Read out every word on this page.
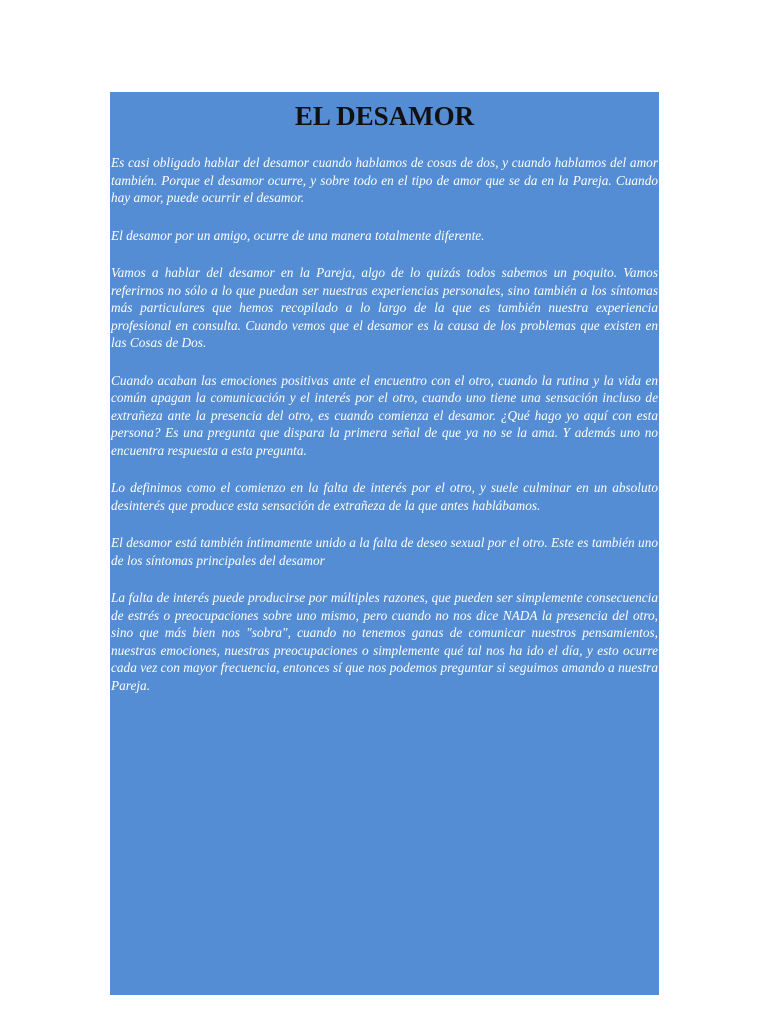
EL DESAMOR

Es casi obligado hablar del desamor cuando hablamos de cosas de dos, y cuando hablamos del amor también. Porque el desamor ocurre, y sobre todo en el tipo de amor que se da en la Pareja. Cuando hay amor, puede ocurrir el desamor.

El desamor por un amigo, ocurre de una manera totalmente diferente.

Vamos a hablar del desamor en la Pareja, algo de lo quizás todos sabemos un poquito. Vamos referirnos no sólo a lo que puedan ser nuestras experiencias personales, sino también a los síntomas más particulares que hemos recopilado a lo largo de la que es también nuestra experiencia profesional en consulta. Cuando vemos que el desamor es la causa de los problemas que existen en las Cosas de Dos.

Cuando acaban las emociones positivas ante el encuentro con el otro, cuando la rutina y la vida en común apagan la comunicación y el interés por el otro, cuando uno tiene una sensación incluso de extrañeza ante la presencia del otro, es cuando comienza el desamor. ¿Qué hago yo aquí con esta persona? Es una pregunta que dispara la primera señal de que ya no se la ama. Y además uno no encuentra respuesta a esta pregunta.

Lo definimos como el comienzo en la falta de interés por el otro, y suele culminar en un absoluto desinterés que produce esta sensación de extrañeza de la que antes hablábamos.

El desamor está también íntimamente unido a la falta de deseo sexual por el otro. Este es también uno de los síntomas principales del desamor

La falta de interés puede producirse por múltiples razones, que pueden ser simplemente consecuencia de estrés o preocupaciones sobre uno mismo, pero cuando no nos dice NADA la presencia del otro, sino que más bien nos "sobra", cuando no tenemos ganas de comunicar nuestros pensamientos, nuestras emociones, nuestras preocupaciones o simplemente qué tal nos ha ido el día, y esto ocurre cada vez con mayor frecuencia, entonces sí que nos podemos preguntar si seguimos amando a nuestra Pareja.
